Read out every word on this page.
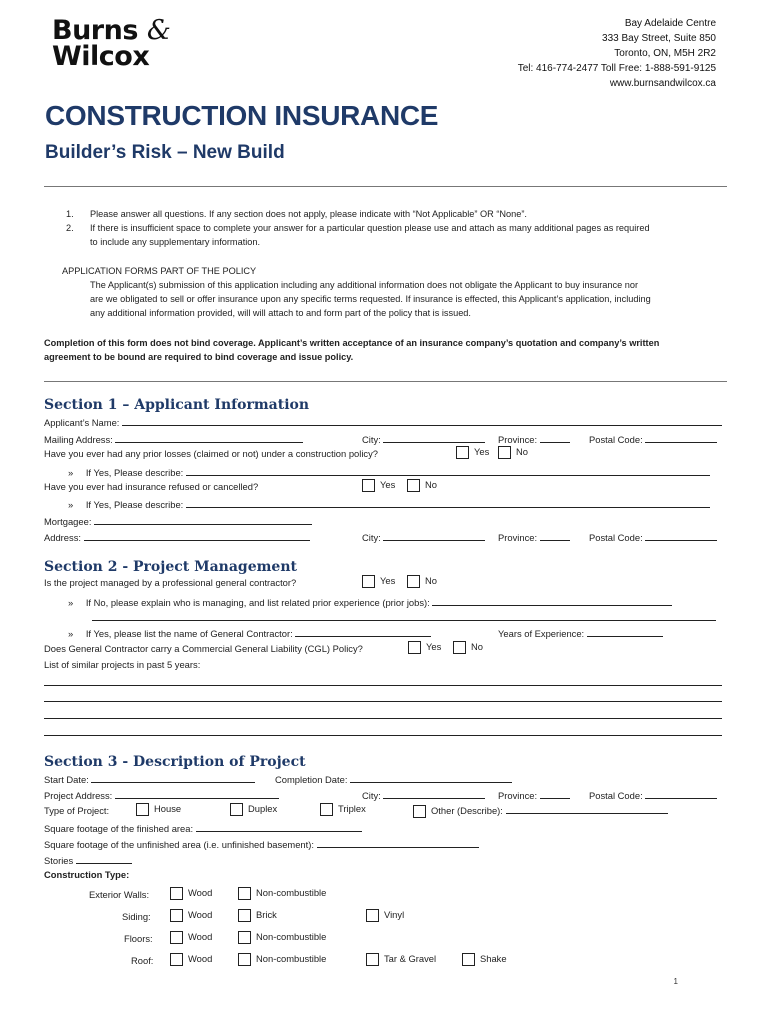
Burns &
Wilcox
Bay Adelaide Centre
333 Bay Street, Suite 850
Toronto, ON, M5H 2R2
Tel: 416-774-2477 Toll Free: 1-888-591-9125
www.burnsandwilcox.ca
CONSTRUCTION INSURANCE
Builder’s Risk – New Build
1. Please answer all questions. If any section does not apply, please indicate with “Not Applicable” OR “None”.
2. If there is insufficient space to complete your answer for a particular question please use and attach as many additional pages as required
to include any supplementary information.
APPLICATION FORMS PART OF THE POLICY
The Applicant(s) submission of this application including any additional information does not obligate the Applicant to buy insurance nor
are we obligated to sell or offer insurance upon any specific terms requested. If insurance is effected, this Applicant’s application, including
any additional information provided, will will attach to and form part of the policy that is issued.
Completion of this form does not bind coverage. Applicant’s written acceptance of an insurance company’s quotation and company’s written
agreement to be bound are required to bind coverage and issue policy.
Section 1 – Applicant Information
Applicant’s Name:
Mailing Address:	City:	Province:	Postal Code:
Have you ever had any prior losses (claimed or not) under a construction policy?	Yes	No
» If Yes, Please describe:
Have you ever had insurance refused or cancelled?	Yes	No
» If Yes, Please describe:
Mortgagee:
Address:	City:	Province:	Postal Code:
Section 2 - Project Management
Is the project managed by a professional general contractor?	Yes	No
» If No, please explain who is managing, and list related prior experience (prior jobs):
» If Yes, please list the name of General Contractor:	Years of Experience:
Does General Contractor carry a Commercial General Liability (CGL) Policy?	Yes	No
List of similar projects in past 5 years:
Section 3 - Description of Project
Start Date:	Completion Date:
Project Address:	City:	Province:	Postal Code:
Type of Project:	House	Duplex	Triplex	Other (Describe):
Square footage of the finished area:
Square footage of the unfinished area (i.e. unfinished basement):
Stories
Construction Type:
Exterior Walls:	Wood	Non-combustible
Siding:	Wood	Brick	Vinyl
Floors:	Wood	Non-combustible
Roof:	Wood	Non-combustible	Tar & Gravel	Shake
1
